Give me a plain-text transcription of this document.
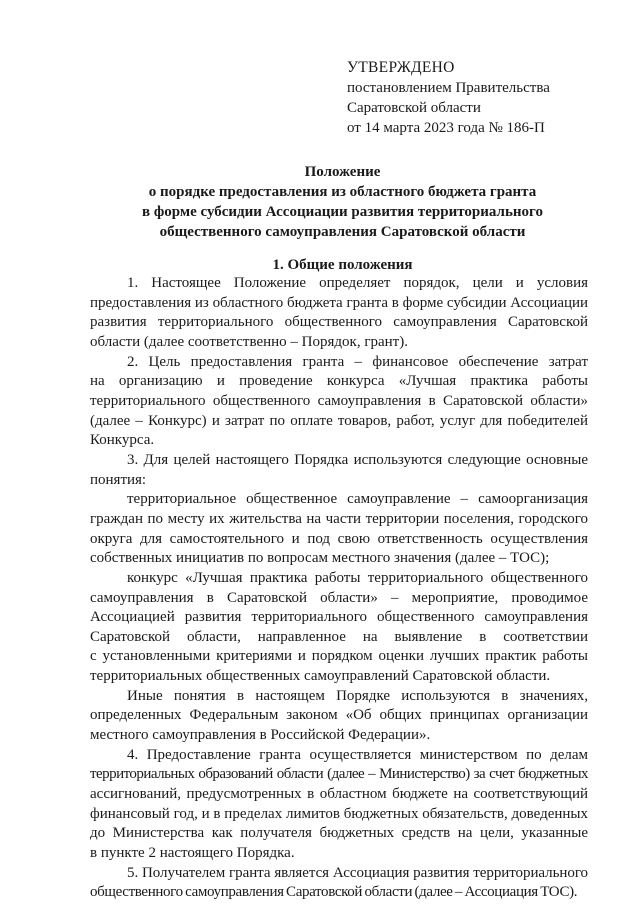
УТВЕРЖДЕНО
постановлением Правительства
Саратовской области
от 14 марта 2023 года № 186-П
Положение
о порядке предоставления из областного бюджета гранта
в форме субсидии Ассоциации развития территориального
общественного самоуправления Саратовской области
1. Общие положения
1. Настоящее Положение определяет порядок, цели и условия
предоставления из областного бюджета гранта в форме субсидии Ассоциации
развития территориального общественного самоуправления Саратовской
области (далее соответственно – Порядок, грант).
2. Цель предоставления гранта – финансовое обеспечение затрат
на организацию и проведение конкурса «Лучшая практика работы
территориального общественного самоуправления в Саратовской области»
(далее – Конкурс) и затрат по оплате товаров, работ, услуг для победителей
Конкурса.
3. Для целей настоящего Порядка используются следующие основные
понятия:
территориальное общественное самоуправление – самоорганизация
граждан по месту их жительства на части территории поселения, городского
округа для самостоятельного и под свою ответственность осуществления
собственных инициатив по вопросам местного значения (далее – ТОС);
конкурс «Лучшая практика работы территориального общественного
самоуправления в Саратовской области» – мероприятие, проводимое
Ассоциацией развития территориального общественного самоуправления
Саратовской области, направленное на выявление в соответствии
с установленными критериями и порядком оценки лучших практик работы
территориальных общественных самоуправлений Саратовской области.
Иные понятия в настоящем Порядке используются в значениях,
определенных Федеральным законом «Об общих принципах организации
местного самоуправления в Российской Федерации».
4. Предоставление гранта осуществляется министерством по делам
территориальных образований области (далее – Министерство) за счет бюджетных
ассигнований, предусмотренных в областном бюджете на соответствующий
финансовый год, и в пределах лимитов бюджетных обязательств, доведенных
до Министерства как получателя бюджетных средств на цели, указанные
в пункте 2 настоящего Порядка.
5. Получателем гранта является Ассоциация развития территориального
общественного самоуправления Саратовской области (далее – Ассоциация ТОС).
